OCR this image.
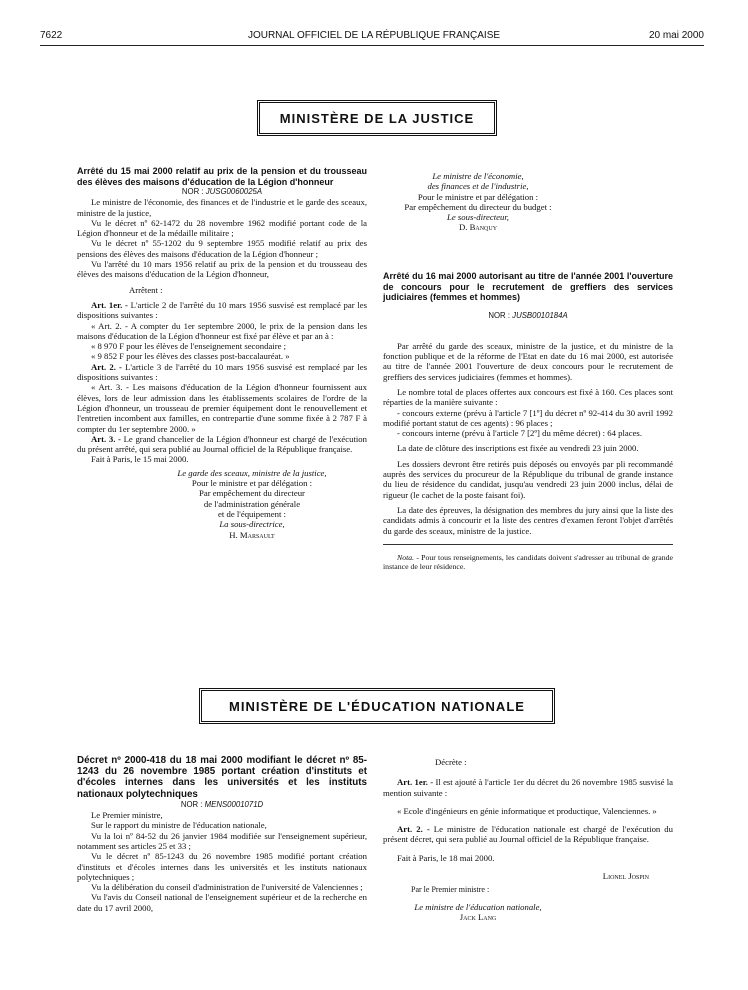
7622	JOURNAL OFFICIEL DE LA RÉPUBLIQUE FRANÇAISE	20 mai 2000
MINISTÈRE DE LA JUSTICE

Arrêté du 15 mai 2000 relatif au prix de la pension et du trousseau des élèves des maisons d'éducation de la Légion d'honneur

NOR : JUSG0060025A

Le ministre de l'économie, des finances et de l'industrie et le garde des sceaux, ministre de la justice,

Vu le décret nº 62-1472 du 28 novembre 1962 modifié portant code de la Légion d'honneur et de la médaille militaire ;

Vu le décret nº 55-1202 du 9 septembre 1955 modifié relatif au prix des pensions des élèves des maisons d'éducation de la Légion d'honneur ;

Vu l'arrêté du 10 mars 1956 relatif au prix de la pension et du trousseau des élèves des maisons d'éducation de la Légion d'honneur,

Arrêtent :

Art. 1er. - L'article 2 de l'arrêté du 10 mars 1956 susvisé est remplacé par les dispositions suivantes :

« Art. 2. - A compter du 1er septembre 2000, le prix de la pension dans les maisons d'éducation de la Légion d'honneur est fixé par élève et par an à :

« 8 970 F pour les élèves de l'enseignement secondaire ;

« 9 852 F pour les élèves des classes post-baccalauréat. »

Art. 2. - L'article 3 de l'arrêté du 10 mars 1956 susvisé est remplacé par les dispositions suivantes :

« Art. 3. - Les maisons d'éducation de la Légion d'honneur fournissent aux élèves, lors de leur admission dans les établissements scolaires de l'ordre de la Légion d'honneur, un trousseau de premier équipement dont le renouvellement et l'entretien incombent aux familles, en contrepartie d'une somme fixée à 2 787 F à compter du 1er septembre 2000. »

Art. 3. - Le grand chancelier de la Légion d'honneur est chargé de l'exécution du présent arrêté, qui sera publié au Journal officiel de la République française.

Fait à Paris, le 15 mai 2000.

Le garde des sceaux, ministre de la justice,

Pour le ministre et par délégation :

Par empêchement du directeur

de l'administration générale

et de l'équipement :

La sous-directrice,

H. Marsault

Le ministre de l'économie,

des finances et de l'industrie,

Pour le ministre et par délégation :

Par empêchement du directeur du budget :

Le sous-directeur,

D. Banquy

Arrêté du 16 mai 2000 autorisant au titre de l'année 2001 l'ouverture de concours pour le recrutement de greffiers des services judiciaires (femmes et hommes)

NOR : JUSB0010184A

Par arrêté du garde des sceaux, ministre de la justice, et du ministre de la fonction publique et de la réforme de l'Etat en date du 16 mai 2000, est autorisée au titre de l'année 2001 l'ouverture de deux concours pour le recrutement de greffiers des services judiciaires (femmes et hommes).

Le nombre total de places offertes aux concours est fixé à 160. Ces places sont réparties de la manière suivante :

- concours externe (prévu à l'article 7 [1º] du décret nº 92-414 du 30 avril 1992 modifié portant statut de ces agents) : 96 places ;

- concours interne (prévu à l'article 7 [2º] du même décret) : 64 places.

La date de clôture des inscriptions est fixée au vendredi 23 juin 2000.

Les dossiers devront être retirés puis déposés ou envoyés par pli recommandé auprès des services du procureur de la République du tribunal de grande instance du lieu de résidence du candidat, jusqu'au vendredi 23 juin 2000 inclus, délai de rigueur (le cachet de la poste faisant foi).

La date des épreuves, la désignation des membres du jury ainsi que la liste des candidats admis à concourir et la liste des centres d'examen feront l'objet d'arrêtés du garde des sceaux, ministre de la justice.

Nota. - Pour tous renseignements, les candidats doivent s'adresser au tribunal de grande instance de leur résidence.

MINISTÈRE DE L'ÉDUCATION NATIONALE

Décret nº 2000-418 du 18 mai 2000 modifiant le décret nº 85-1243 du 26 novembre 1985 portant création d'instituts et d'écoles internes dans les universités et les instituts nationaux polytechniques

NOR : MENS0001071D

Le Premier ministre,

Sur le rapport du ministre de l'éducation nationale,

Vu la loi nº 84-52 du 26 janvier 1984 modifiée sur l'enseignement supérieur, notamment ses articles 25 et 33 ;

Vu le décret nº 85-1243 du 26 novembre 1985 modifié portant création d'instituts et d'écoles internes dans les universités et les instituts nationaux polytechniques ;

Vu la délibération du conseil d'administration de l'université de Valenciennes ;

Vu l'avis du Conseil national de l'enseignement supérieur et de la recherche en date du 17 avril 2000,

Décrète :

Art. 1er. - Il est ajouté à l'article 1er du décret du 26 novembre 1985 susvisé la mention suivante :

« Ecole d'ingénieurs en génie informatique et productique, Valenciennes. »

Art. 2. - Le ministre de l'éducation nationale est chargé de l'exécution du présent décret, qui sera publié au Journal officiel de la République française.

Fait à Paris, le 18 mai 2000.

Lionel Jospin

Par le Premier ministre :

Le ministre de l'éducation nationale,

Jack Lang
